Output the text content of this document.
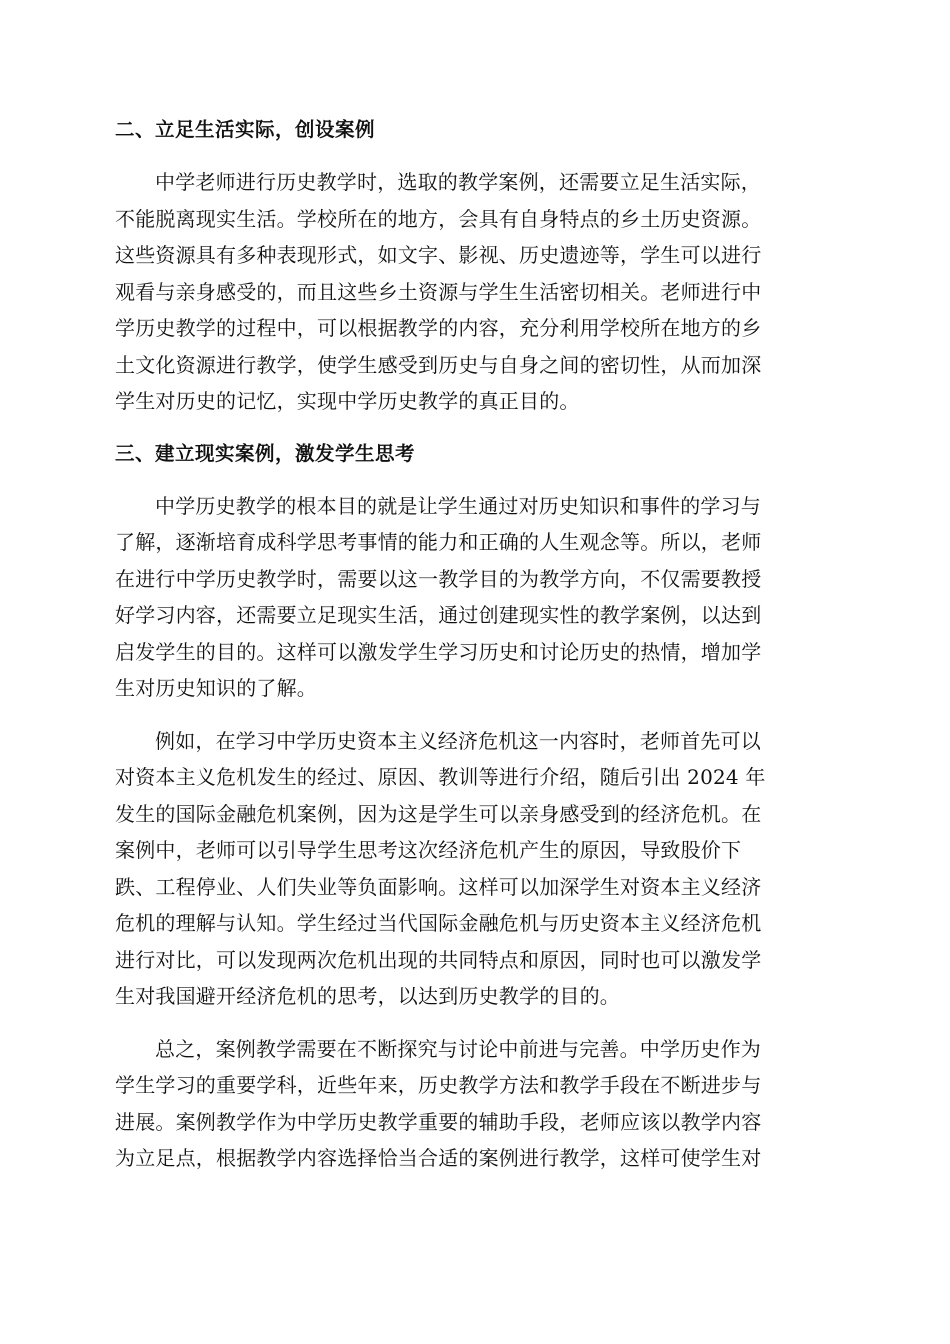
二、立足生活实际，创设案例

中学老师进行历史教学时，选取的教学案例，还需要立足生活实际，
不能脱离现实生活。学校所在的地方，会具有自身特点的乡土历史资源。
这些资源具有多种表现形式，如文字、影视、历史遗迹等，学生可以进行
观看与亲身感受的，而且这些乡土资源与学生生活密切相关。老师进行中
学历史教学的过程中，可以根据教学的内容，充分利用学校所在地方的乡
土文化资源进行教学，使学生感受到历史与自身之间的密切性，从而加深
学生对历史的记忆，实现中学历史教学的真正目的。

三、建立现实案例，激发学生思考

中学历史教学的根本目的就是让学生通过对历史知识和事件的学习与
了解，逐渐培育成科学思考事情的能力和正确的人生观念等。所以，老师
在进行中学历史教学时，需要以这一教学目的为教学方向，不仅需要教授
好学习内容，还需要立足现实生活，通过创建现实性的教学案例，以达到
启发学生的目的。这样可以激发学生学习历史和讨论历史的热情，增加学
生对历史知识的了解。

例如，在学习中学历史资本主义经济危机这一内容时，老师首先可以
对资本主义危机发生的经过、原因、教训等进行介绍，随后引出 2024 年
发生的国际金融危机案例，因为这是学生可以亲身感受到的经济危机。在
案例中，老师可以引导学生思考这次经济危机产生的原因，导致股价下
跌、工程停业、人们失业等负面影响。这样可以加深学生对资本主义经济
危机的理解与认知。学生经过当代国际金融危机与历史资本主义经济危机
进行对比，可以发现两次危机出现的共同特点和原因，同时也可以激发学
生对我国避开经济危机的思考，以达到历史教学的目的。

总之，案例教学需要在不断探究与讨论中前进与完善。中学历史作为
学生学习的重要学科，近些年来，历史教学方法和教学手段在不断进步与
进展。案例教学作为中学历史教学重要的辅助手段，老师应该以教学内容
为立足点，根据教学内容选择恰当合适的案例进行教学，这样可使学生对
